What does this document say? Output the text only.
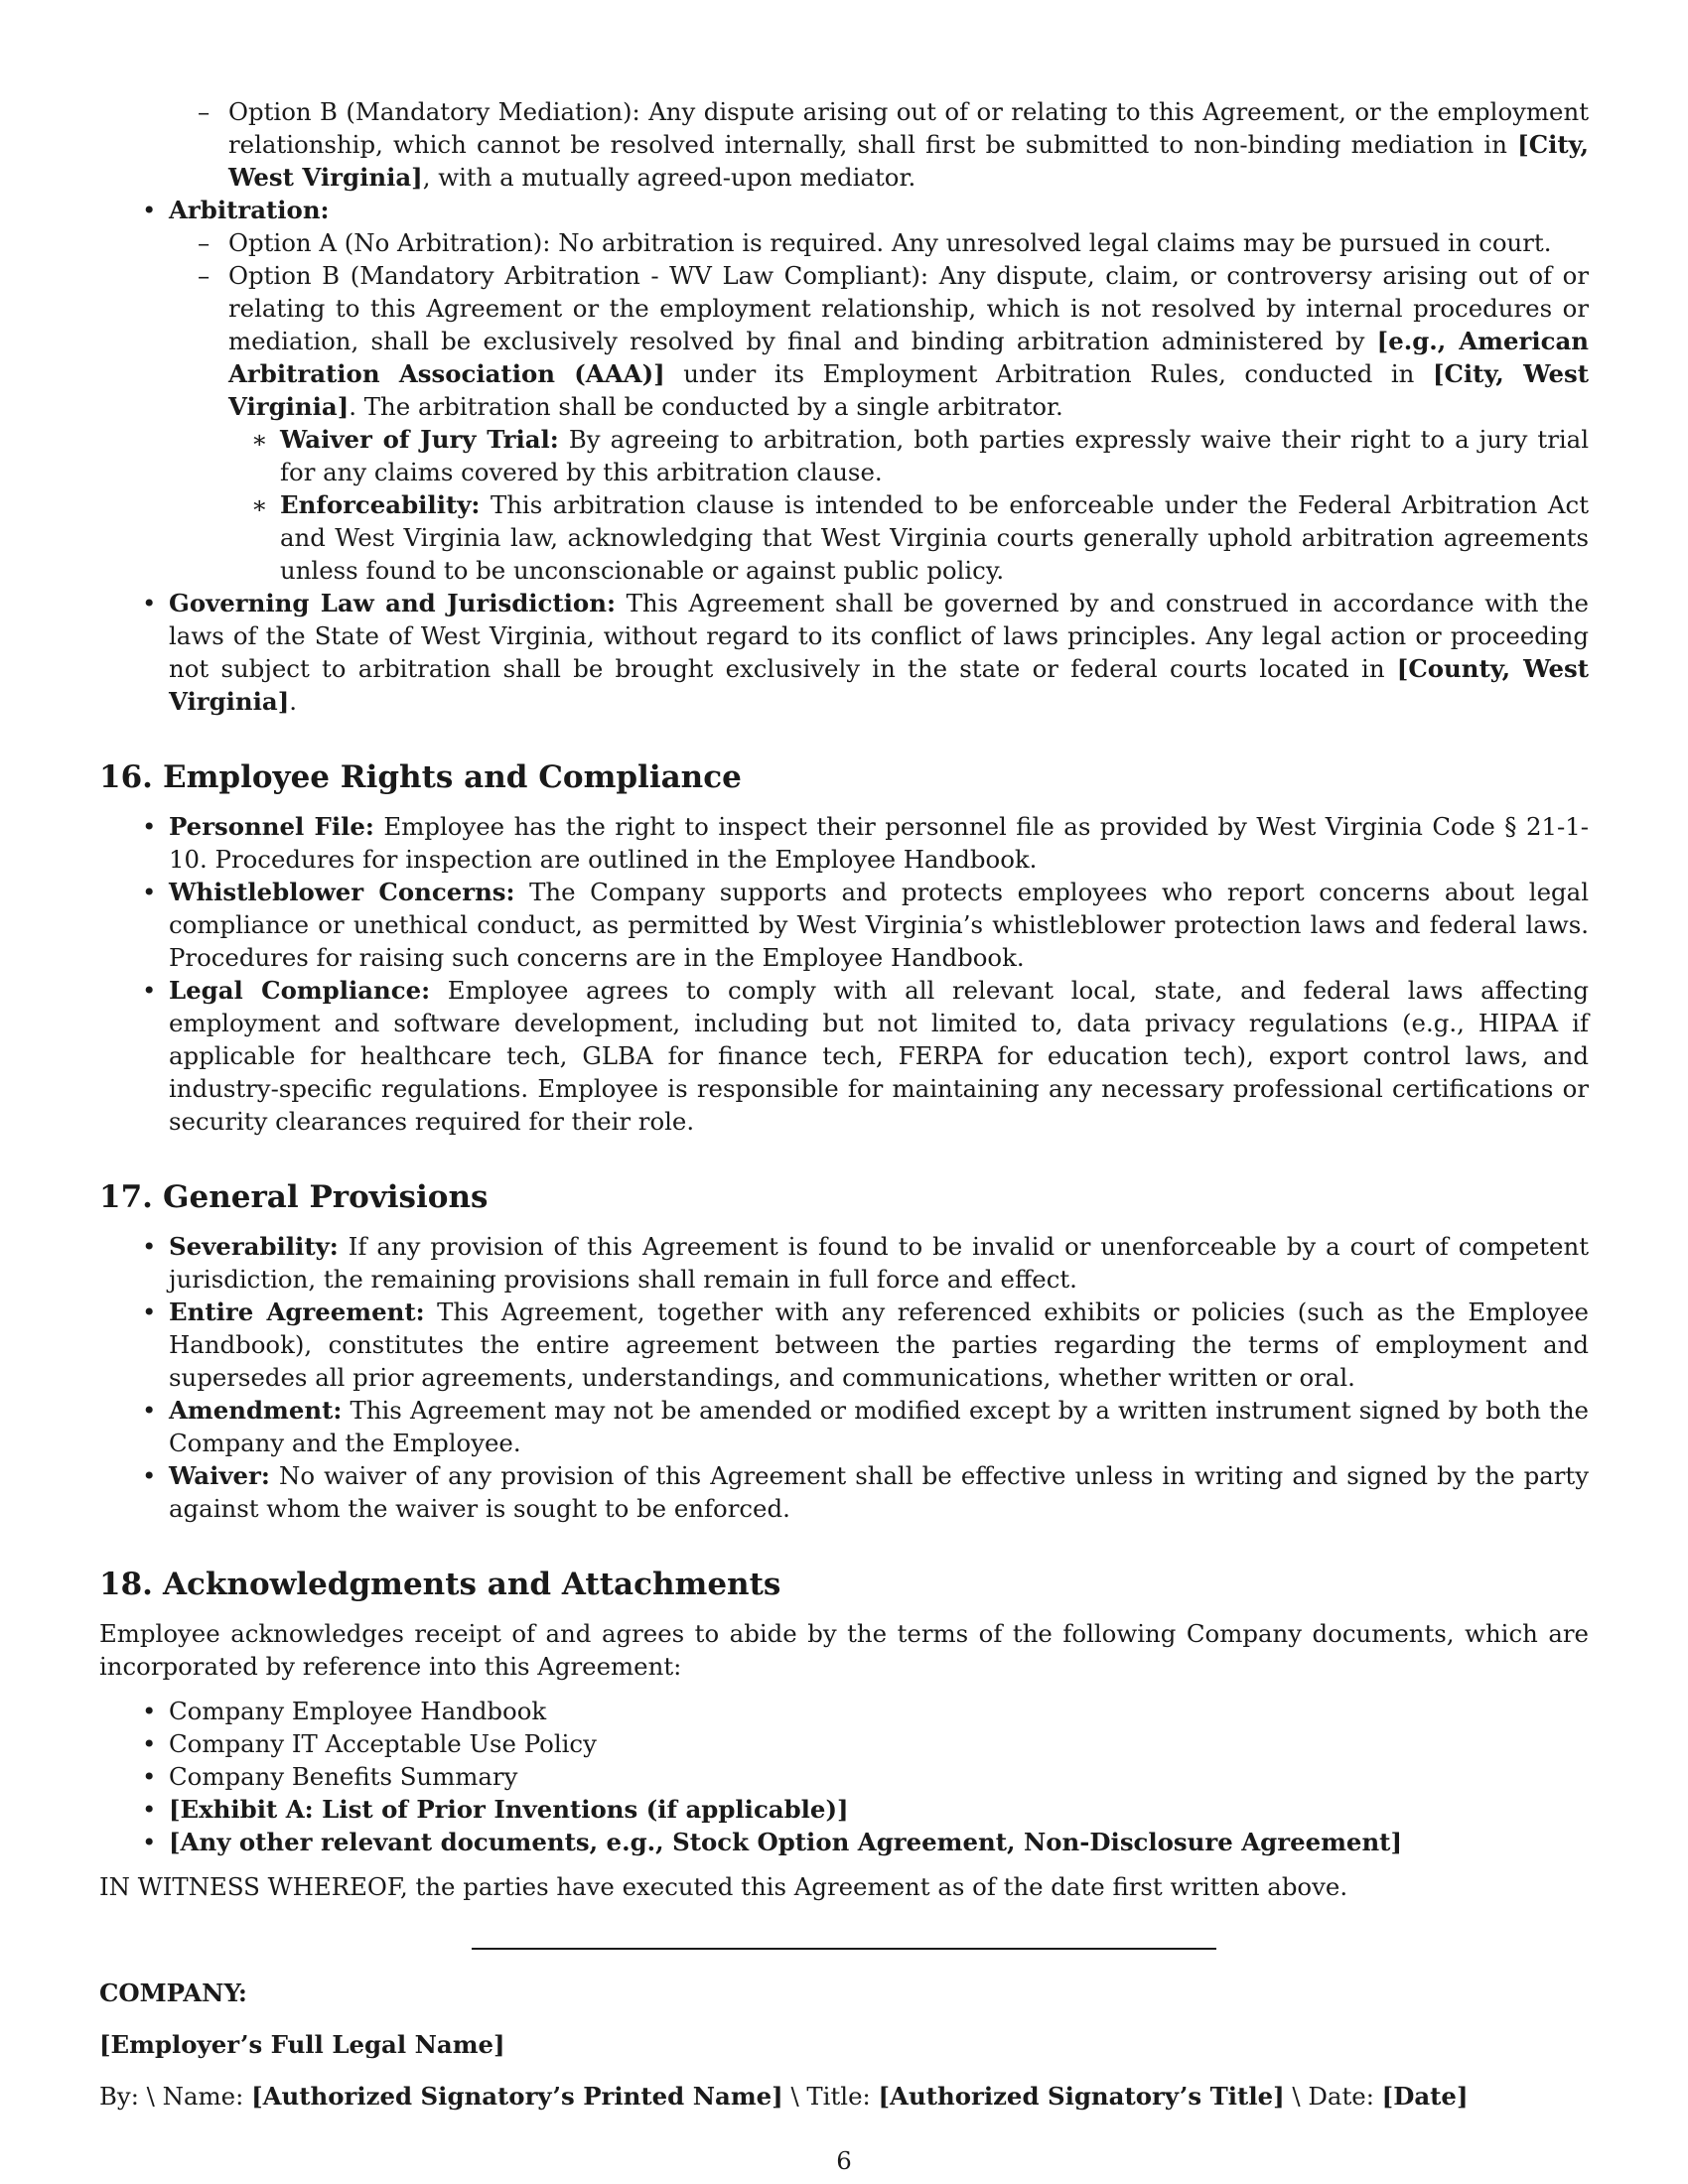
– Option B (Mandatory Mediation): Any dispute arising out of or relating to this Agreement, or the employment relationship, which cannot be resolved internally, shall first be submitted to non-binding mediation in [City, West Virginia], with a mutually agreed-upon mediator.
• Arbitration:
– Option A (No Arbitration): No arbitration is required. Any unresolved legal claims may be pursued in court.
– Option B (Mandatory Arbitration - WV Law Compliant): Any dispute, claim, or controversy arising out of or relating to this Agreement or the employment relationship, which is not resolved by internal procedures or mediation, shall be exclusively resolved by final and binding arbitration administered by [e.g., American Arbitration Association (AAA)] under its Employment Arbitration Rules, conducted in [City, West Virginia]. The arbitration shall be conducted by a single arbitrator.
∗ Waiver of Jury Trial: By agreeing to arbitration, both parties expressly waive their right to a jury trial for any claims covered by this arbitration clause.
∗ Enforceability: This arbitration clause is intended to be enforceable under the Federal Arbitration Act and West Virginia law, acknowledging that West Virginia courts generally uphold arbitration agreements unless found to be unconscionable or against public policy.
• Governing Law and Jurisdiction: This Agreement shall be governed by and construed in accordance with the laws of the State of West Virginia, without regard to its conflict of laws principles. Any legal action or proceeding not subject to arbitration shall be brought exclusively in the state or federal courts located in [County, West Virginia].
16. Employee Rights and Compliance
• Personnel File: Employee has the right to inspect their personnel file as provided by West Virginia Code § 21-1-10. Procedures for inspection are outlined in the Employee Handbook.
• Whistleblower Concerns: The Company supports and protects employees who report concerns about legal compliance or unethical conduct, as permitted by West Virginia’s whistleblower protection laws and federal laws. Procedures for raising such concerns are in the Employee Handbook.
• Legal Compliance: Employee agrees to comply with all relevant local, state, and federal laws affecting employment and software development, including but not limited to, data privacy regulations (e.g., HIPAA if applicable for healthcare tech, GLBA for finance tech, FERPA for education tech), export control laws, and industry-specific regulations. Employee is responsible for maintaining any necessary professional certifications or security clearances required for their role.
17. General Provisions
• Severability: If any provision of this Agreement is found to be invalid or unenforceable by a court of competent jurisdiction, the remaining provisions shall remain in full force and effect.
• Entire Agreement: This Agreement, together with any referenced exhibits or policies (such as the Employee Handbook), constitutes the entire agreement between the parties regarding the terms of employment and supersedes all prior agreements, understandings, and communications, whether written or oral.
• Amendment: This Agreement may not be amended or modified except by a written instrument signed by both the Company and the Employee.
• Waiver: No waiver of any provision of this Agreement shall be effective unless in writing and signed by the party against whom the waiver is sought to be enforced.
18. Acknowledgments and Attachments

Employee acknowledges receipt of and agrees to abide by the terms of the following Company documents, which are incorporated by reference into this Agreement:

• Company Employee Handbook
• Company IT Acceptable Use Policy
• Company Benefits Summary
• [Exhibit A: List of Prior Inventions (if applicable)]
• [Any other relevant documents, e.g., Stock Option Agreement, Non-Disclosure Agreement]

IN WITNESS WHEREOF, the parties have executed this Agreement as of the date first written above.

COMPANY:

[Employer’s Full Legal Name]

By: \ Name: [Authorized Signatory’s Printed Name] \ Title: [Authorized Signatory’s Title] \ Date: [Date]

6
